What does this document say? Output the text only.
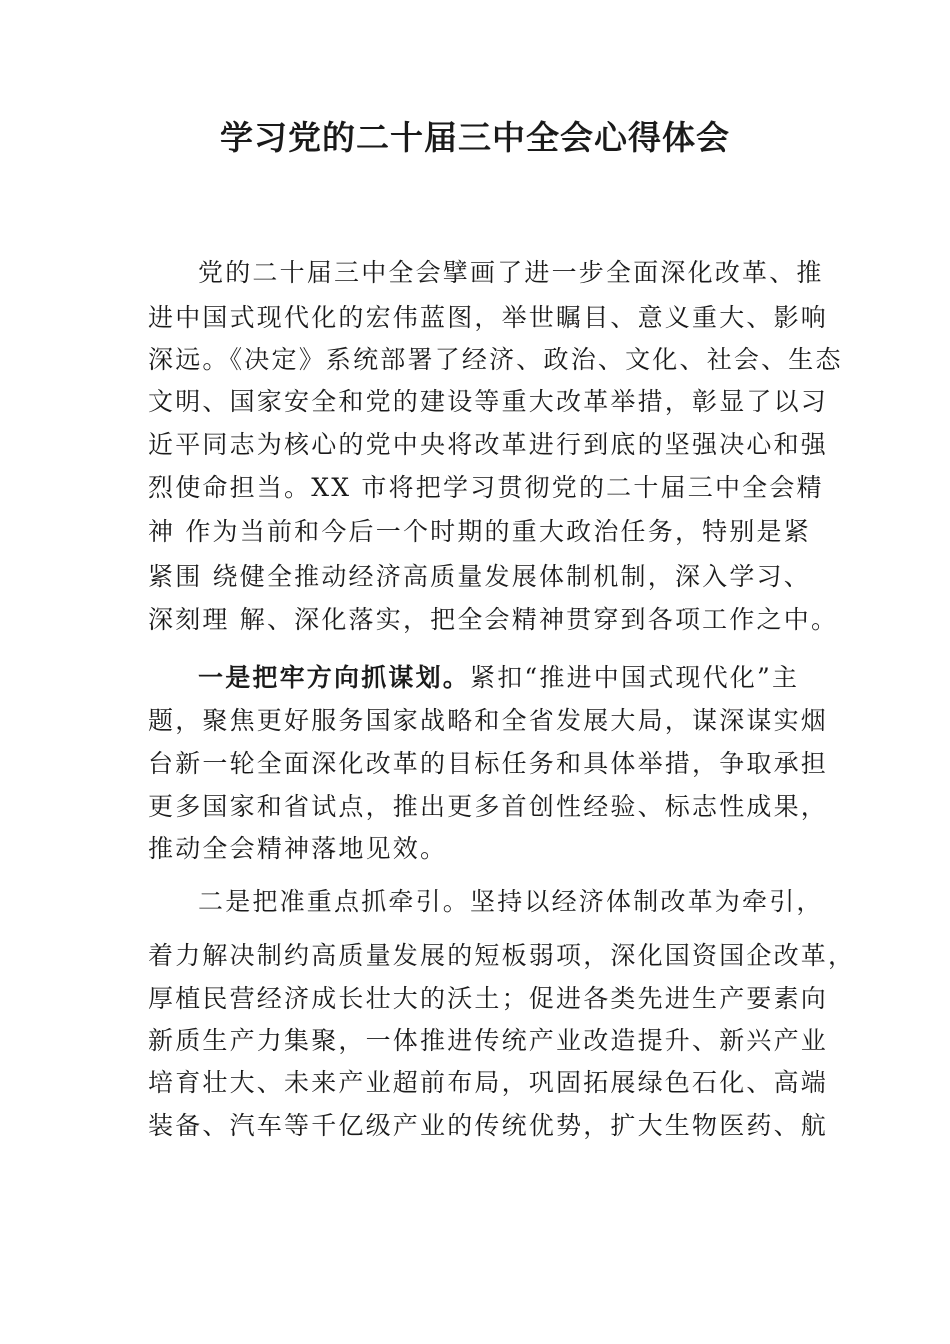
学习党的二十届三中全会心得体会
党的二十届三中全会擘画了进一步全面深化改革、推
进中国式现代化的宏伟蓝图，举世瞩目、意义重大、影响
深远。《决定》系统部署了经济、政治、文化、社会、生态
文明、国家安全和党的建设等重大改革举措，彰显了以习
近平同志为核心的党中央将改革进行到底的坚强决心和强
烈使命担当。XX 市将把学习贯彻党的二十届三中全会精
神 作为当前和今后一个时期的重大政治任务，特别是紧
紧围 绕健全推动经济高质量发展体制机制，深入学习、
深刻理 解、深化落实，把全会精神贯穿到各项工作之中。
一是把牢方向抓谋划。紧扣“推进中国式现代化”主
题，聚焦更好服务国家战略和全省发展大局，谋深谋实烟
台新一轮全面深化改革的目标任务和具体举措，争取承担
更多国家和省试点，推出更多首创性经验、标志性成果，
推动全会精神落地见效。
二是把准重点抓牵引。坚持以经济体制改革为牵引，
着力解决制约高质量发展的短板弱项，深化国资国企改革，
厚植民营经济成长壮大的沃土；促进各类先进生产要素向
新质生产力集聚，一体推进传统产业改造提升、新兴产业
培育壮大、未来产业超前布局，巩固拓展绿色石化、高端
装备、汽车等千亿级产业的传统优势，扩大生物医药、航
